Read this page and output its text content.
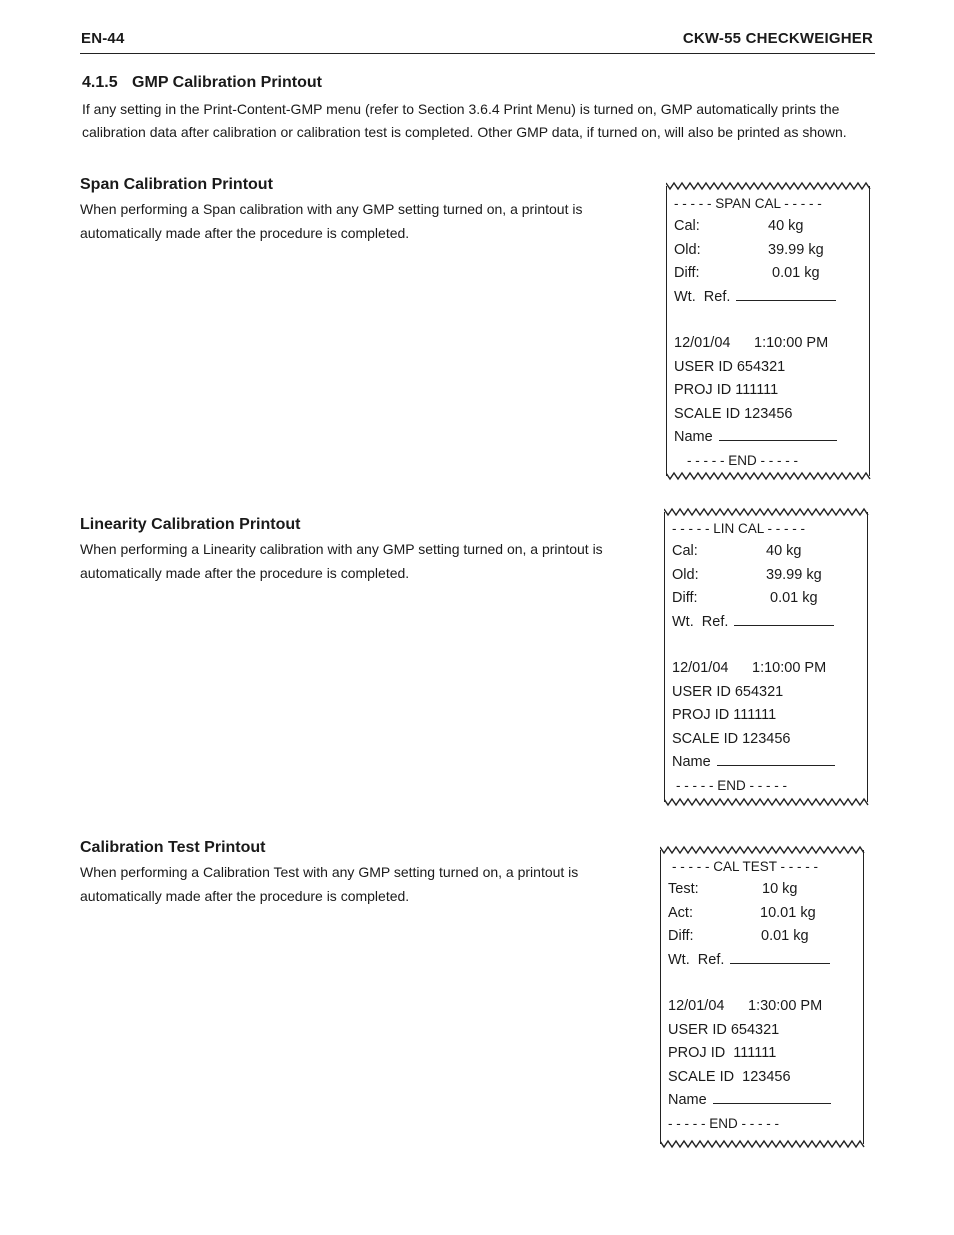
EN-44	CKW-55 CHECKWEIGHER
4.1.5 GMP Calibration Printout
If any setting in the Print-Content-GMP menu (refer to Section 3.6.4 Print Menu) is turned on, GMP automatically prints the
calibration data after calibration or calibration test is completed. Other GMP data, if turned on, will also be printed as shown.
Span Calibration Printout
When performing a Span calibration with any GMP setting turned on, a printout is
automatically made after the procedure is completed.
- - - - - SPAN CAL - - - - -
Cal:	40 kg
Old:	39.99 kg
Diff:	0.01 kg
Wt.  Ref.
12/01/04 1:10:00 PM
USER ID 654321
PROJ ID 111111
SCALE ID 123456
Name
- - - - - END - - - - -
Linearity Calibration Printout
When performing a Linearity calibration with any GMP setting turned on, a printout is
automatically made after the procedure is completed.
- - - - - LIN CAL - - - - -
Cal:	40 kg
Old:	39.99 kg
Diff:	0.01 kg
Wt.  Ref.
12/01/04 1:10:00 PM
USER ID 654321
PROJ ID 111111
SCALE ID 123456
Name
- - - - - END - - - - -
Calibration Test Printout
When performing a Calibration Test with any GMP setting turned on, a printout is
automatically made after the procedure is completed.
- - - - - CAL TEST - - - - -
Test:	10 kg
Act:	10.01 kg
Diff:	0.01 kg
Wt.  Ref.
12/01/04 1:30:00 PM
USER ID 654321
PROJ ID  111111
SCALE ID  123456
Name
- - - - - END - - - - -
